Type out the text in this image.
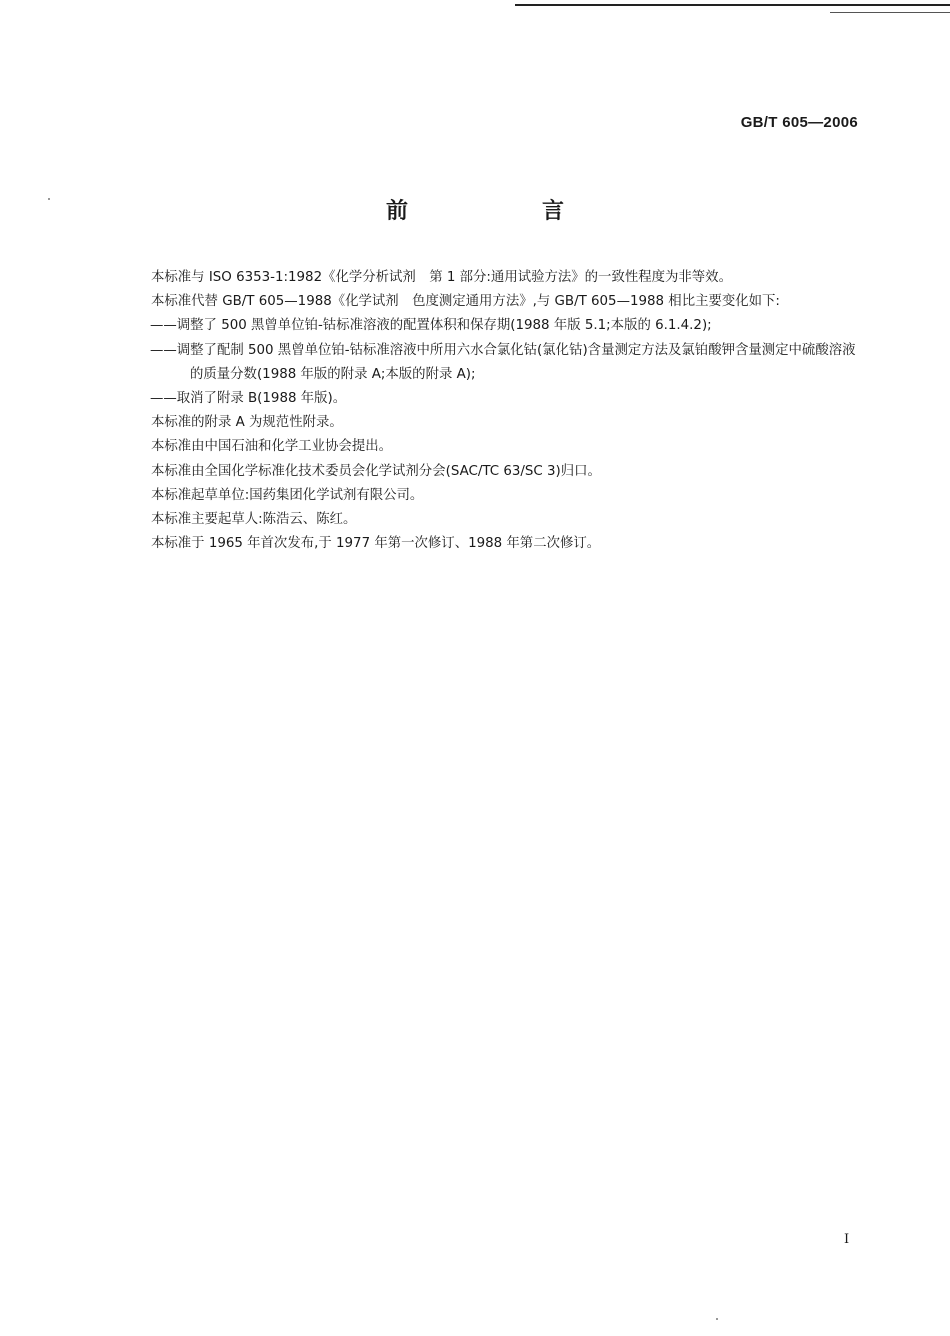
GB/T 605—2006
前　言

本标准与 ISO 6353-1:1982《化学分析试剂　第 1 部分:通用试验方法》的一致性程度为非等效。

本标准代替 GB/T 605—1988《化学试剂　色度测定通用方法》,与 GB/T 605—1988 相比主要变化如下:

——调整了 500 黑曾单位铂-钴标准溶液的配置体积和保存期(1988 年版 5.1;本版的 6.1.4.2);

——调整了配制 500 黑曾单位铂-钴标准溶液中所用六水合氯化钴(氯化钴)含量测定方法及氯铂酸钾含量测定中硫酸溶液的质量分数(1988 年版的附录 A;本版的附录 A);

——取消了附录 B(1988 年版)。

本标准的附录 A 为规范性附录。

本标准由中国石油和化学工业协会提出。

本标准由全国化学标准化技术委员会化学试剂分会(SAC/TC 63/SC 3)归口。

本标准起草单位:国药集团化学试剂有限公司。

本标准主要起草人:陈浩云、陈红。

本标准于 1965 年首次发布,于 1977 年第一次修订、1988 年第二次修订。

I
